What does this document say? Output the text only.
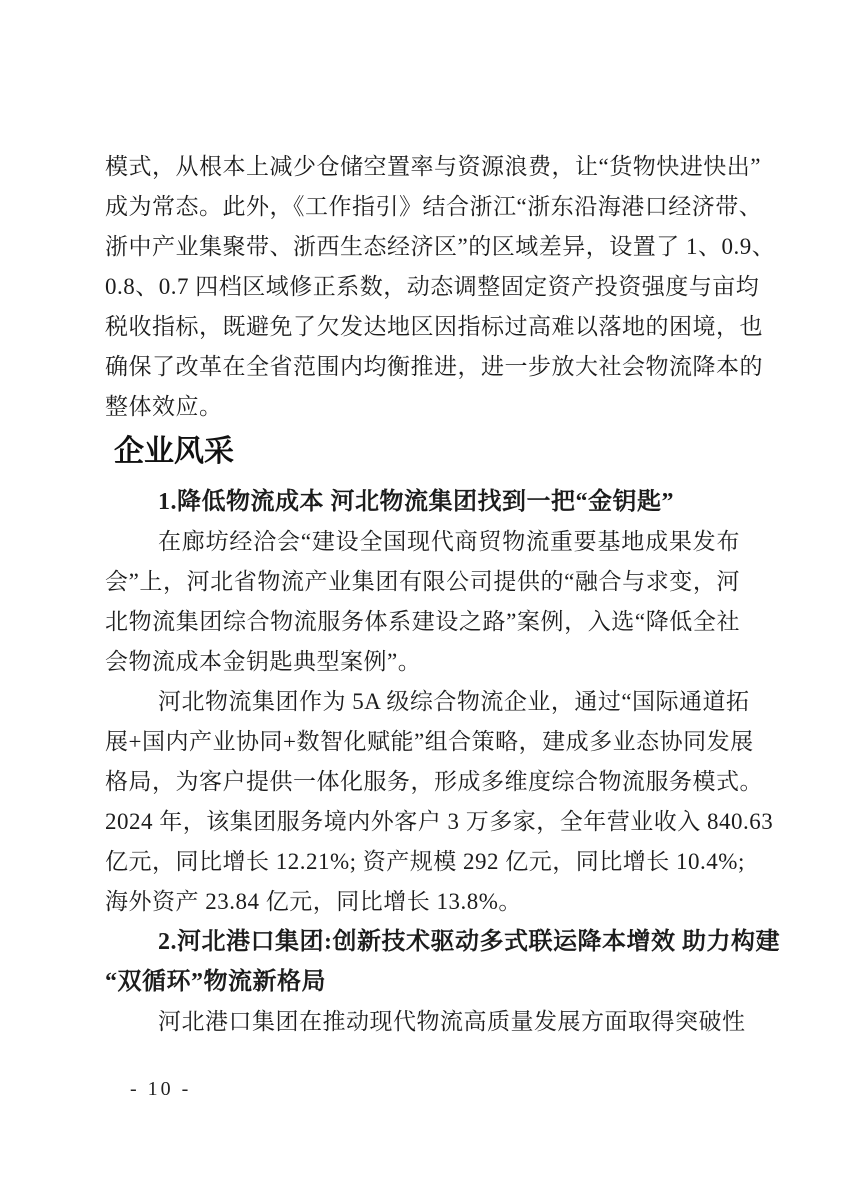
模式，从根本上减少仓储空置率与资源浪费，让“货物快进快出”
成为常态。此外，《工作指引》结合浙江“浙东沿海港口经济带、
浙中产业集聚带、浙西生态经济区”的区域差异，设置了 1、0.9、
0.8、0.7 四档区域修正系数，动态调整固定资产投资强度与亩均
税收指标，既避免了欠发达地区因指标过高难以落地的困境，也
确保了改革在全省范围内均衡推进，进一步放大社会物流降本的
整体效应。
企业风采
1.降低物流成本 河北物流集团找到一把“金钥匙”
在廊坊经洽会“建设全国现代商贸物流重要基地成果发布
会”上，河北省物流产业集团有限公司提供的“融合与求变，河
北物流集团综合物流服务体系建设之路”案例，入选“降低全社
会物流成本金钥匙典型案例”。
河北物流集团作为 5A 级综合物流企业，通过“国际通道拓
展+国内产业协同+数智化赋能”组合策略，建成多业态协同发展
格局，为客户提供一体化服务，形成多维度综合物流服务模式。
2024 年，该集团服务境内外客户 3 万多家，全年营业收入 840.63
亿元，同比增长 12.21%; 资产规模 292 亿元，同比增长 10.4%;
海外资产 23.84 亿元，同比增长 13.8%。
2.河北港口集团:创新技术驱动多式联运降本增效 助力构建
“双循环”物流新格局
河北港口集团在推动现代物流高质量发展方面取得突破性
- 10 -
